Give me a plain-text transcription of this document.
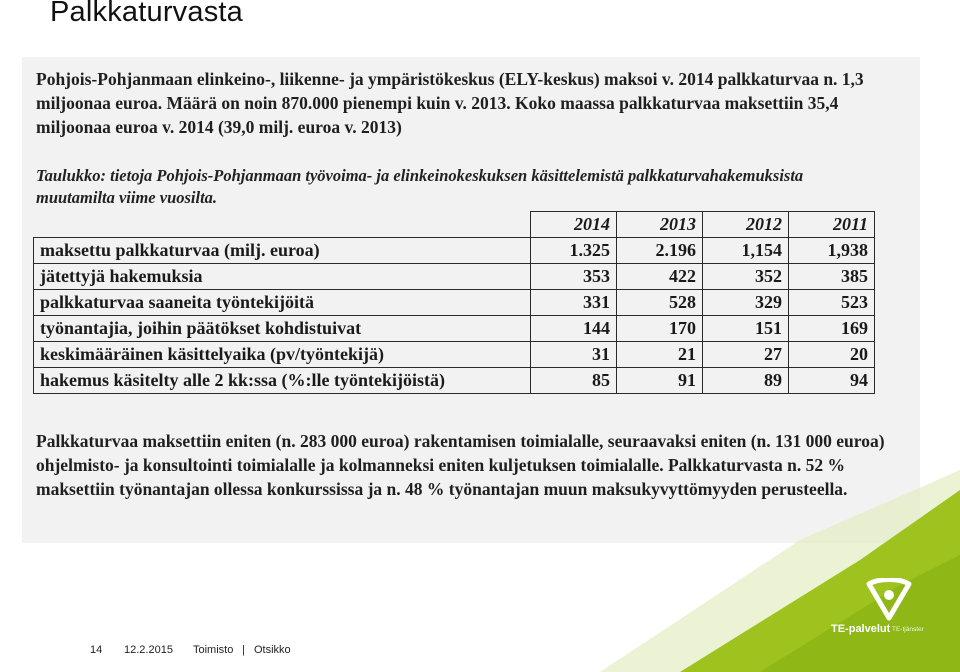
Palkkaturvasta

Pohjois-Pohjanmaan elinkeino-, liikenne- ja ympäristökeskus (ELY-keskus) maksoi v. 2014 palkkaturvaa n. 1,3 miljoonaa euroa. Määrä on noin 870.000 pienempi kuin v. 2013. Koko maassa palkkaturvaa maksettiin 35,4 miljoonaa euroa v. 2014 (39,0 milj. euroa v. 2013)

Taulukko: tietoja Pohjois-Pohjanmaan työvoima- ja elinkeinokeskuksen käsittelemistä palkkaturvahakemuksista muutamilta viime vuosilta.
	2014	2013	2012	2011
maksettu palkkaturvaa (milj. euroa)	1.325	2.196	1,154	1,938
jätettyjä hakemuksia	353	422	352	385
palkkaturvaa saaneita työntekijöitä	331	528	329	523
työnantajia, joihin päätökset kohdistuivat	144	170	151	169
keskimääräinen käsittelyaika (pv/työntekijä)	31	21	27	20
hakemus käsitelty alle 2 kk:ssa (%:lle työntekijöistä)	85	91	89	94

Palkkaturvaa maksettiin eniten (n. 283 000 euroa) rakentamisen toimialalle, seuraavaksi eniten (n. 131 000 euroa) ohjelmisto- ja konsultointi toimialalle ja kolmanneksi eniten kuljetuksen toimialalle. Palkkaturvasta n. 52 % maksettiin työnantajan ollessa konkurssissa ja n. 48 % työnantajan muun maksukyvyttömyyden perusteella.

TE-palvelut TE-tjänster
14 12.2.2015 Toimisto | Otsikko
